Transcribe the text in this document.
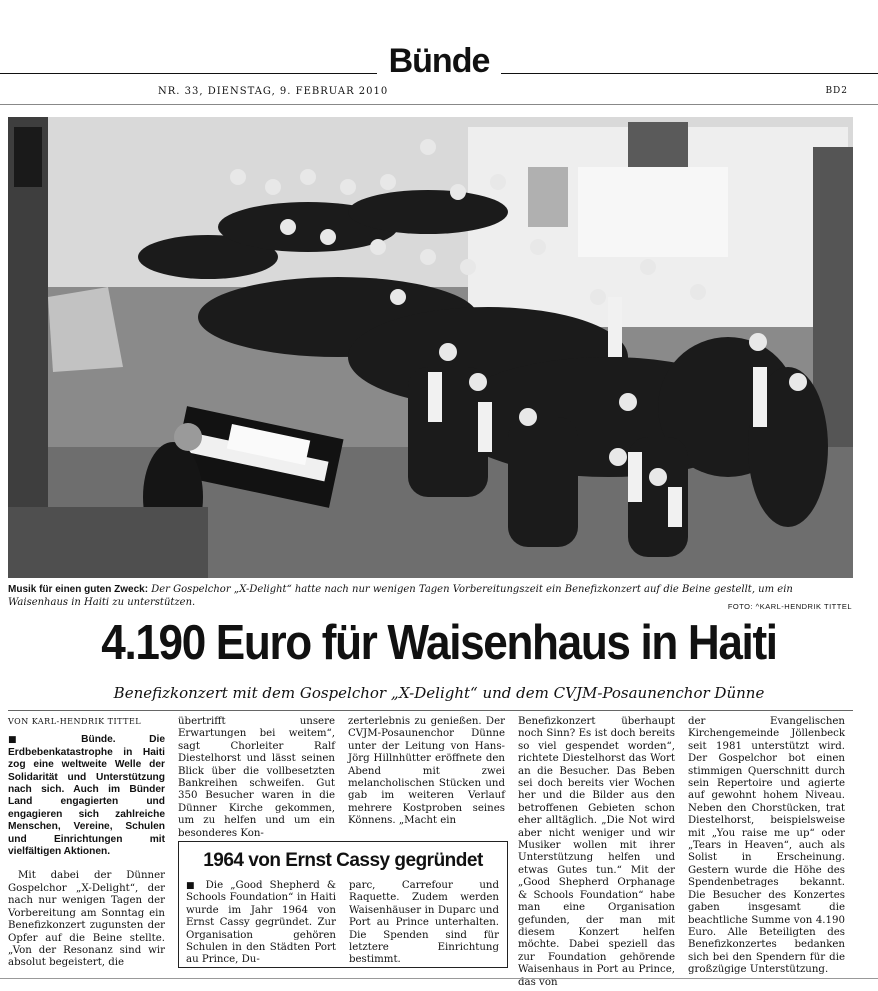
Bünde
NR. 33, DIENSTAG, 9. FEBRUAR 2010	BD2
Musik für einen guten Zweck: Der Gospelchor „X-Delight“ hatte nach nur wenigen Tagen Vorbereitungszeit ein Benefizkonzert auf die Beine gestellt, um ein Waisenhaus in Haiti zu unterstützen.	FOTO: ^KARL-HENDRIK TITTEL
4.190 Euro für Waisenhaus in Haiti
Benefizkonzert mit dem Gospelchor „X-Delight“ und dem CVJM-Posaunenchor Dünne

VON KARL-HENDRIK TITTEL

■	Bünde. Die Erdbebenkatastrophe in Haiti zog eine weltweite Welle der Solidarität und Unterstützung nach sich. Auch im Bünder Land engagierten und engagieren sich zahlreiche Menschen, Vereine, Schulen und Einrichtungen mit vielfältigen Aktionen.

Mit dabei der Dünner Gospelchor „X-Delight“, der nach nur wenigen Tagen der Vorbereitung am Sonntag ein Benefizkonzert zugunsten der Opfer auf die Beine stellte. „Von der Resonanz sind wir absolut begeistert, die

übertrifft unsere Erwartungen bei weitem“, sagt Chorleiter Ralf Diestelhorst und lässt seinen Blick über die vollbesetzten Bankreihen schweifen. Gut 350 Besucher waren in die Dünner Kirche gekommen, um zu helfen und um ein besonderes Kon-

zerterlebnis zu genießen. Der CVJM-Posaunenchor Dünne unter der Leitung von Hans-Jörg Hillnhütter eröffnete den Abend mit zwei melancholischen Stücken und gab im weiteren Verlauf mehrere Kostproben seines Könnens. „Macht ein

Benefizkonzert überhaupt noch Sinn? Es ist doch bereits so viel gespendet worden“, richtete Diestelhorst das Wort an die Besucher. Das Beben sei doch bereits vier Wochen her und die Bilder aus den betroffenen Gebieten schon eher alltäglich. „Die Not wird aber nicht weniger und wir Musiker wollen mit ihrer Unterstützung helfen und etwas Gutes tun.“ Mit der „Good Shepherd Orphanage & Schools Foundation“ habe man eine Organisation gefunden, der man mit diesem Konzert helfen möchte. Dabei speziell das zur Foundation gehörende Waisenhaus in Port au Prince, das von

der Evangelischen Kirchengemeinde Jöllenbeck seit 1981 unterstützt wird. Der Gospelchor bot einen stimmigen Querschnitt durch sein Repertoire und agierte auf gewohnt hohem Niveau. Neben den Chorstücken, trat Diestelhorst, beispielsweise mit „You raise me up“ oder „Tears in Heaven“, auch als Solist in Erscheinung. Gestern wurde die Höhe des Spendenbetrages bekannt. Die Besucher des Konzertes gaben insgesamt die beachtliche Summe von 4.190 Euro. Alle Beteiligten des Benefizkonzertes bedanken sich bei den Spendern für die großzügige Unterstützung.

1964 von Ernst Cassy gegründet
■ Die „Good Shepherd & Schools Foundation“ in Haiti wurde im Jahr 1964 von Ernst Cassy gegründet. Zur Organisation gehören Schulen in den Städten Port au Prince, Du-
parc, Carrefour und Raquette. Zudem werden Waisenhäuser in Duparc und Port au Prince unterhalten. Die Spenden sind für letztere Einrichtung bestimmt.
